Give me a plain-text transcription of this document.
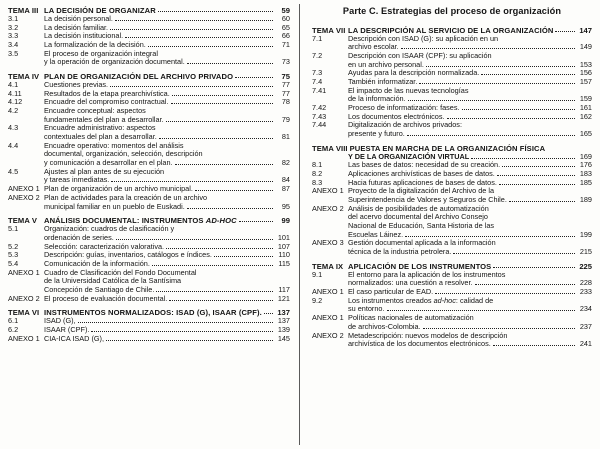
TEMA III LA DECISIÓN DE ORGANIZAR	59
3.1	La decisión personal.	60
3.2	La decisión familiar.	65
3.3	La decisión institucional.	66
3.4	La formalización de la decisión.	71
3.5	El proceso de organización integral
y la operación de organización documental.	73
TEMA IV PLAN DE ORGANIZACIÓN DEL ARCHIVO PRIVADO	75
4.1	Cuestiones previas.	77
4.11	Resultados de la etapa prearchivística.	77
4.12	Encuadre del compromiso contractual.	78
4.2	Encuadre conceptual: aspectos
fundamentales del plan a desarrollar.	79
4.3	Encuadre administrativo: aspectos
contextuales del plan a desarrollar.	81
4.4	Encuadre operativo: momentos del análisis
documental, organización, selección, descripción
y comunicación a desarrollar en el plan.	82
4.5	Ajustes al plan antes de su ejecución
y tareas inmediatas.	84
ANEXO 1 Plan de organización de un archivo municipal.	87
ANEXO 2 Plan de actividades para la creación de un archivo
municipal familiar en un pueblo de Euskadi.	95
TEMA V ANÁLISIS DOCUMENTAL: INSTRUMENTOS AD-HOC	99
5.1	Organización: cuadros de clasificación y
ordenación de series.	101
5.2	Selección: caracterización valorativa.	107
5.3	Descripción: guías, inventarios, catálogos e índices.	110
5.4	Comunicación de la información.	115
ANEXO 1 Cuadro de Clasificación del Fondo Documental
de la Universidad Católica de la Santísima
Concepción de Santiago de Chile.	117
ANEXO 2 El proceso de evaluación documental.	121
TEMA VI INSTRUMENTOS NORMALIZADOS: ISAD (G), ISAAR (CPF).	137
6.1	ISAD (G),	137
6.2	ISAAR (CPF).	139
ANEXO 1 CIA-ICA ISAD (G),	145
Parte C. Estrategias del proceso de organización
TEMA VII LA DESCRIPCIÓN AL SERVICIO DE LA ORGANIZACIÓN	147
7.1	Descripción con ISAD (G): su aplicación en un
archivo escolar.	149
7.2	Descripción con ISAAR (CPF): su aplicación
en un archivo personal.	153
7.3	Ayudas para la descripción normalizada.	156
7.4	También informatizar.	157
7.41	El impacto de las nuevas tecnologías
de la información.	159
7.42	Proceso de informatización: fases.	161
7.43	Los documentos electrónicos.	162
7.44	Digitalización de archivos privados:
presente y futuro.	165
TEMA VIII PUESTA EN MARCHA DE LA ORGANIZACIÓN FÍSICA
Y DE LA ORGANIZACIÓN VIRTUAL	169
8.1	Las bases de datos: necesidad de su creación.	176
8.2	Aplicaciones archivísticas de bases de datos.	183
8.3	Hacia futuras aplicaciones de bases de datos.	185
ANEXO 1 Proyecto de la digitalización del Archivo de la
Superintendencia de Valores y Seguros de Chile.	189
ANEXO 2 Análisis de posibilidades de automatización
del acervo documental del Archivo Consejo
Nacional de Educación, Santa Historia de las
Escuelas Láinez.	199
ANEXO 3 Gestión documental aplicada a la información
técnica de la industria petrolera.	215
TEMA IX APLICACIÓN DE LOS INSTRUMENTOS	225
9.1	El entorno para la aplicación de los instrumentos
normalizados: una cuestión a resolver.	228
ANEXO 1 El caso particular de EAD.	233
9.2	Los instrumentos creados ad-hoc: calidad de
su entorno.	234
ANEXO 1 Políticas nacionales de automatización
de archivos-Colombia.	237
ANEXO 2 Metadescripción: nuevos modelos de descripción
archivística de los documentos electrónicos.	241
